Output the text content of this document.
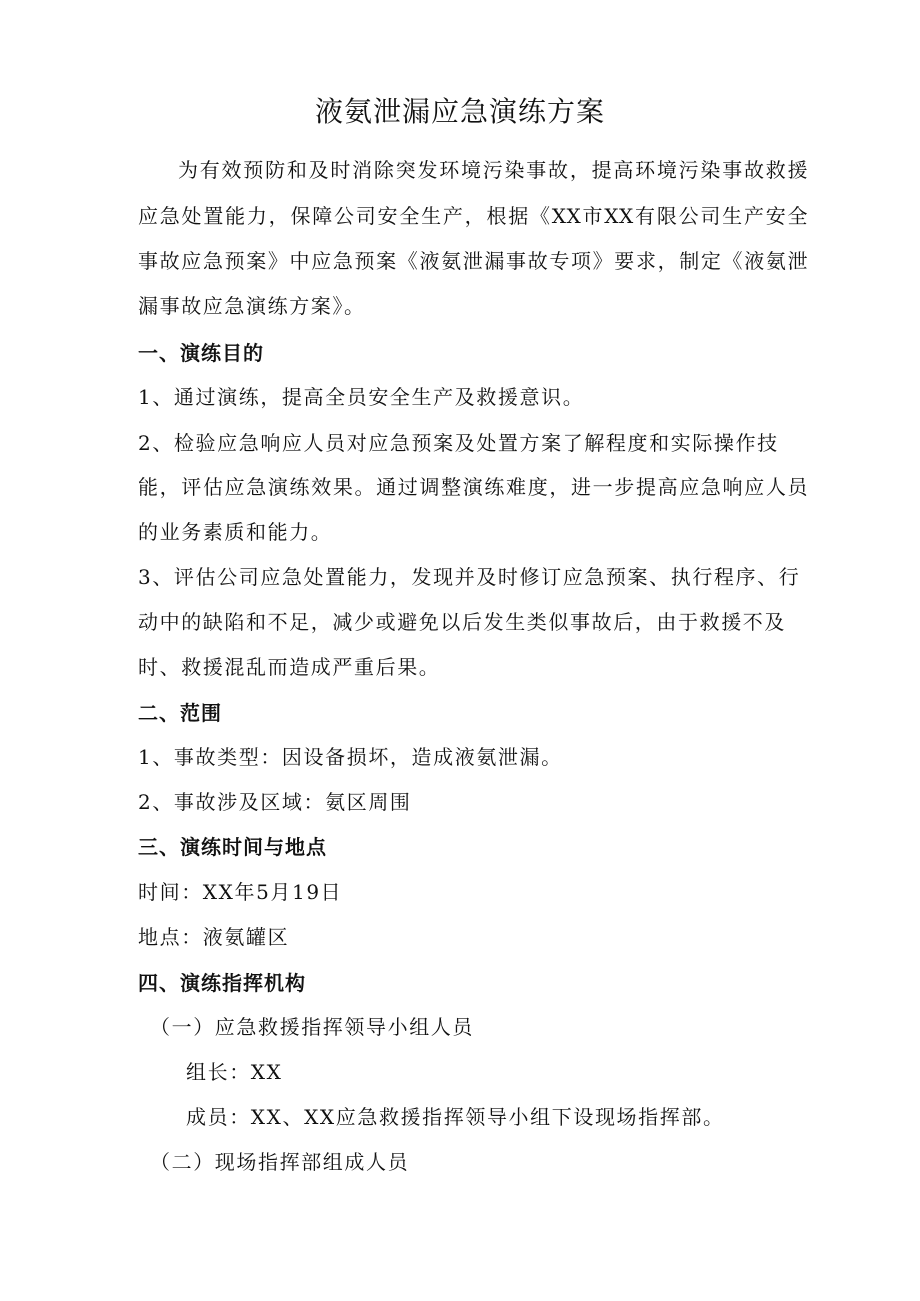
液氨泄漏应急演练方案
为有效预防和及时消除突发环境污染事故，提高环境污染事故救援
应急处置能力，保障公司安全生产，根据《XX市XX有限公司生产安全
事故应急预案》中应急预案《液氨泄漏事故专项》要求，制定《液氨泄
漏事故应急演练方案》。
一、演练目的
1、通过演练，提高全员安全生产及救援意识。
2、检验应急响应人员对应急预案及处置方案了解程度和实际操作技
能，评估应急演练效果。通过调整演练难度，进一步提高应急响应人员
的业务素质和能力。
3、评估公司应急处置能力，发现并及时修订应急预案、执行程序、行
动中的缺陷和不足，减少或避免以后发生类似事故后，由于救援不及
时、救援混乱而造成严重后果。
二、范围
1、事故类型：因设备损坏，造成液氨泄漏。
2、事故涉及区域：氨区周围
三、演练时间与地点
时间：XX年5月19日
地点：液氨罐区
四、演练指挥机构
（一）应急救援指挥领导小组人员
组长：XX
成员：XX、XX应急救援指挥领导小组下设现场指挥部。
（二）现场指挥部组成人员
